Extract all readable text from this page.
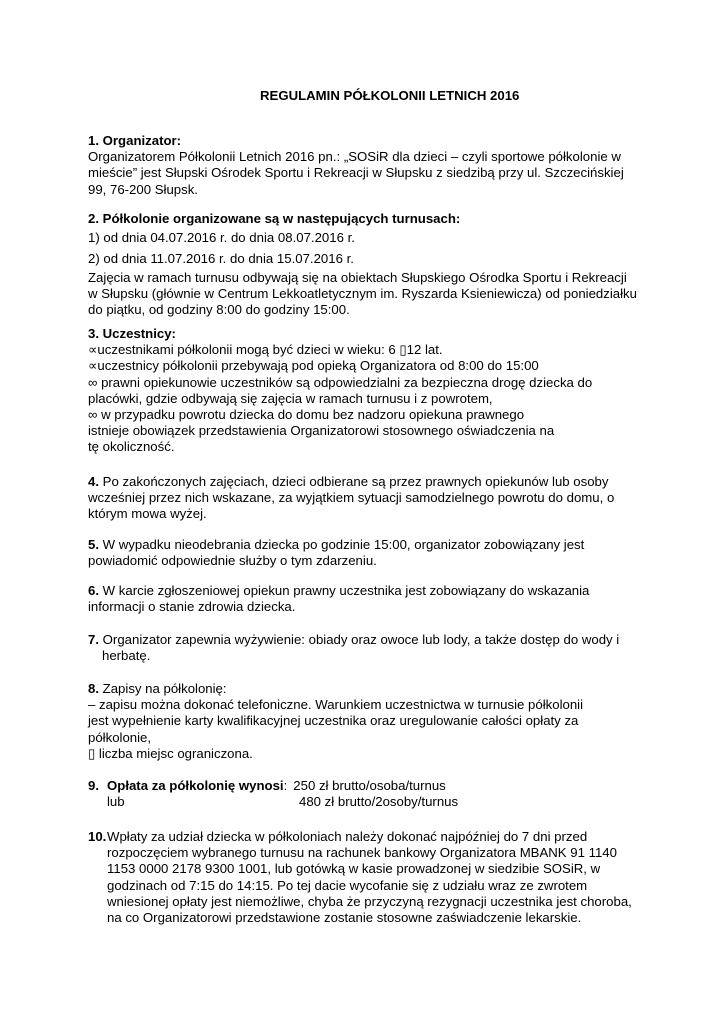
REGULAMIN PÓŁKOLONII LETNICH 2016
1. Organizator:
Organizatorem Półkolonii Letnich 2016 pn.: „SOSiR dla dzieci – czyli sportowe półkolonie w
mieście” jest Słupski Ośrodek Sportu i Rekreacji w Słupsku z siedzibą przy ul. Szczecińskiej
99, 76-200 Słupsk.
2. Półkolonie organizowane są w następujących turnusach:
1) od dnia 04.07.2016 r. do dnia 08.07.2016 r.
2) od dnia 11.07.2016 r. do dnia 15.07.2016 r.
Zajęcia w ramach turnusu odbywają się na obiektach Słupskiego Ośrodka Sportu i Rekreacji
w Słupsku (głównie w Centrum Lekkoatletycznym im. Ryszarda Ksieniewicza) od poniedziałku
do piątku, od godziny 8:00 do godziny 15:00.
3. Uczestnicy:
∝uczestnikami półkolonii mogą być dzieci w wieku: 6 ▯12 lat.
∝uczestnicy półkolonii przebywają pod opieką Organizatora od 8:00 do 15:00
∞ prawni opiekunowie uczestników są odpowiedzialni za bezpieczna drogę dziecka do
placówki, gdzie odbywają się zajęcia w ramach turnusu i z powrotem,
∞ w przypadku powrotu dziecka do domu bez nadzoru opiekuna prawnego
istnieje obowiązek przedstawienia Organizatorowi stosownego oświadczenia na
tę okoliczność.
4. Po zakończonych zajęciach, dzieci odbierane są przez prawnych opiekunów lub osoby
wcześniej przez nich wskazane, za wyjątkiem sytuacji samodzielnego powrotu do domu, o
którym mowa wyżej.
5. W wypadku nieodebrania dziecka po godzinie 15:00, organizator zobowiązany jest
powiadomić odpowiednie służby o tym zdarzeniu.
6. W karcie zgłoszeniowej opiekun prawny uczestnika jest zobowiązany do wskazania
informacji o stanie zdrowia dziecka.
7. Organizator zapewnia wyżywienie: obiady oraz owoce lub lody, a także dostęp do wody i
herbatę.
8. Zapisy na półkolonię:
– zapisu można dokonać telefoniczne. Warunkiem uczestnictwa w turnusie półkolonii
jest wypełnienie karty kwalifikacyjnej uczestnika oraz uregulowanie całości opłaty za
półkolonie,
▯ liczba miejsc ograniczona.
9. Opłata za półkolonię wynosi : 250 zł brutto/osoba/turnus
lub	480 zł brutto/2osoby/turnus
10. Wpłaty za udział dziecka w półkoloniach należy dokonać najpóźniej do 7 dni przed
rozpoczęciem wybranego turnusu na rachunek bankowy Organizatora MBANK 91 1140
1153 0000 2178 9300 1001, lub gotówką w kasie prowadzonej w siedzibie SOSiR, w
godzinach od 7:15 do 14:15. Po tej dacie wycofanie się z udziału wraz ze zwrotem
wniesionej opłaty jest niemożliwe, chyba że przyczyną rezygnacji uczestnika jest choroba,
na co Organizatorowi przedstawione zostanie stosowne zaświadczenie lekarskie.
